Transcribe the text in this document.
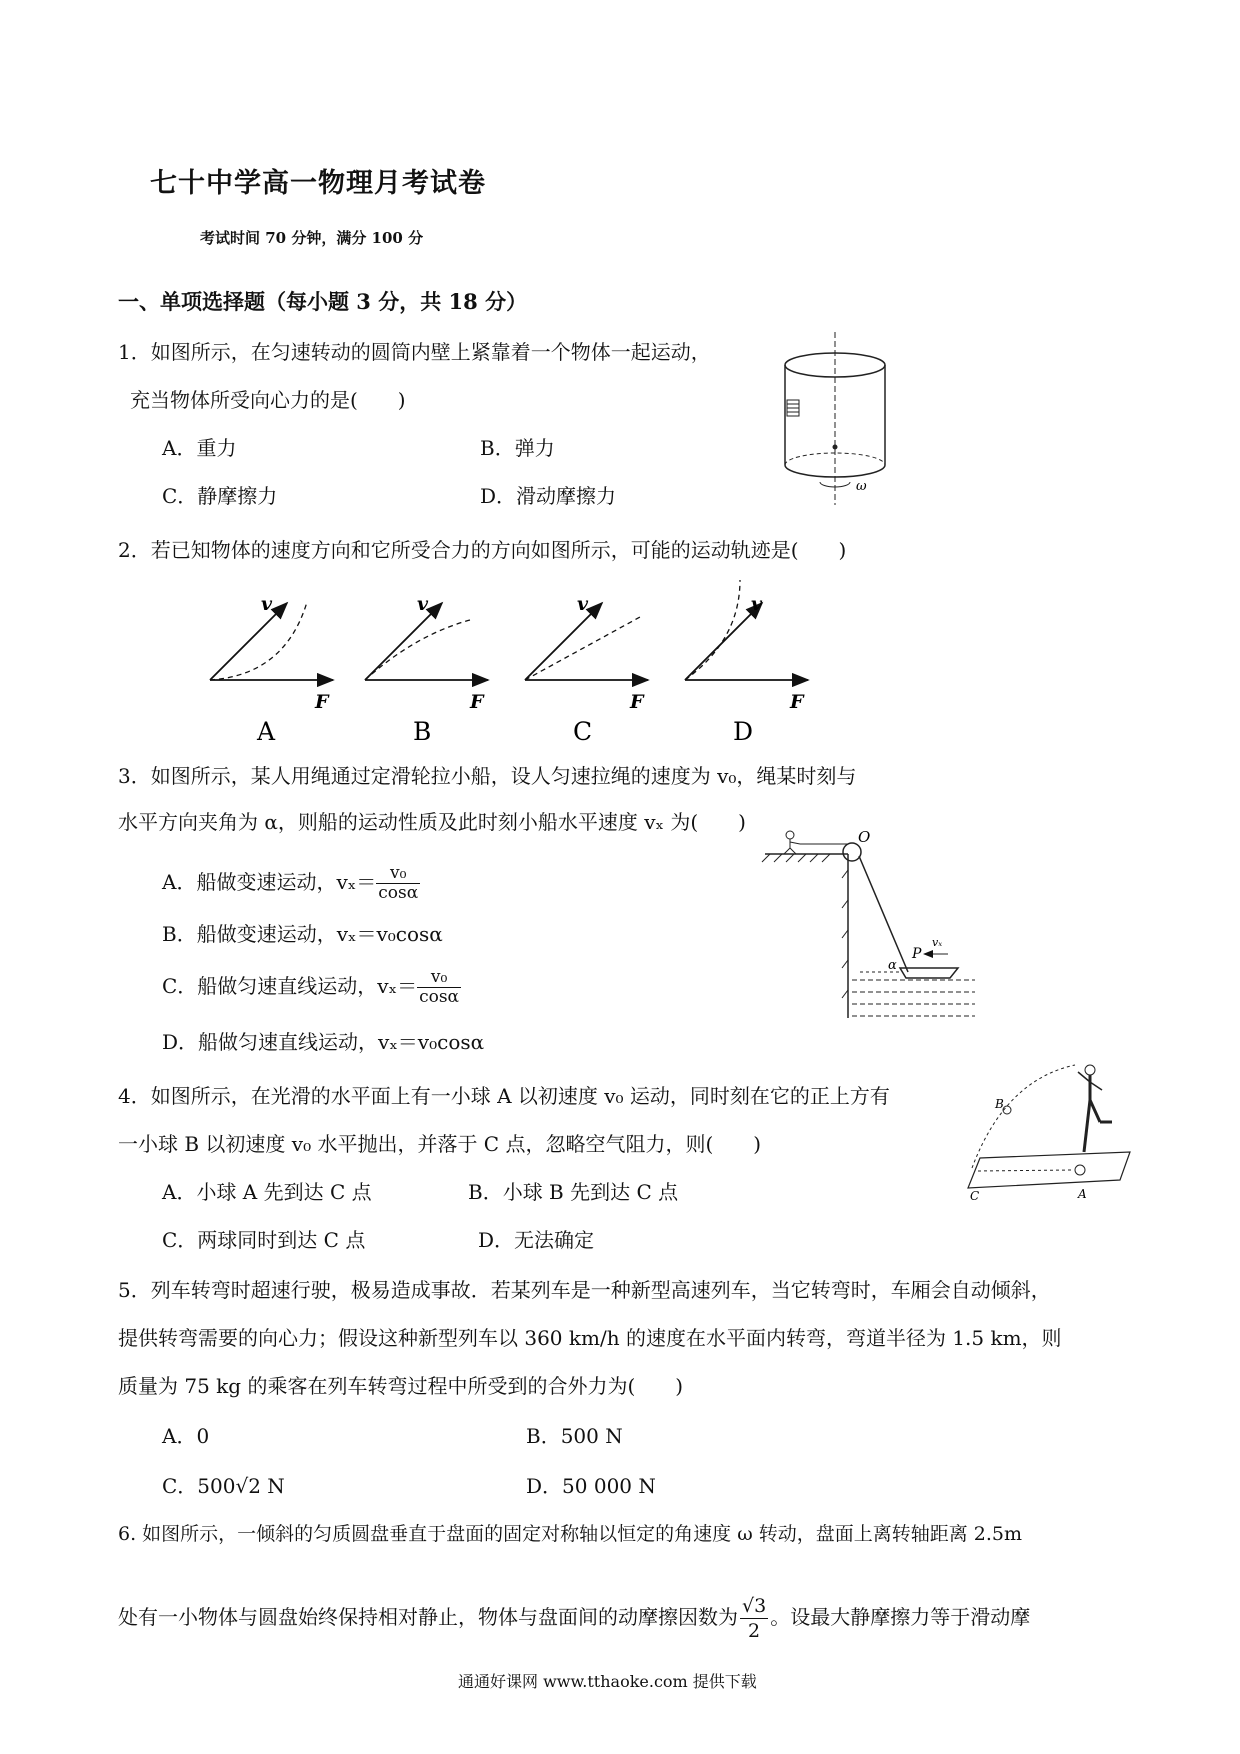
七十中学高一物理月考试卷
考试时间 70 分钟，满分 100 分
一、单项选择题（每小题 3 分，共 18 分）
1．如图所示，在匀速转动的圆筒内壁上紧靠着一个物体一起运动，
充当物体所受向心力的是(　　)
A．重力	B．弹力
C．静摩擦力	D．滑动摩擦力	ω
2．若已知物体的速度方向和它所受合力的方向如图所示，可能的运动轨迹是(　　)
v
F
A
v
F
B
v
F
C
v
F
D
3．如图所示，某人用绳通过定滑轮拉小船，设人匀速拉绳的速度为 v₀，绳某时刻与
水平方向夹角为 α，则船的运动性质及此时刻小船水平速度 vₓ 为(　　)
A．船做变速运动，$v_x= \frac{\text{v₀}}{\cos\alpha}$
B．船做变速运动，vₓ＝v₀cosα
C．船做匀速直线运动，$v_x= \frac{\text{v₀}}{\cos\alpha}$
D．船做匀速直线运动，vₓ＝v₀cosα
O
α
P
vₓ
4．如图所示，在光滑的水平面上有一小球 A 以初速度 v₀ 运动，同时刻在它的正上方有
一小球 B 以初速度 v₀ 水平抛出，并落于 C 点，忽略空气阻力，则(　　)
A．小球 A 先到达 C 点	B．小球 B 先到达 C 点
C．两球同时到达 C 点	D．无法确定
B
C	A
5．列车转弯时超速行驶，极易造成事故．若某列车是一种新型高速列车，当它转弯时，车厢会自动倾斜，
提供转弯需要的向心力；假设这种新型列车以 360 km/h 的速度在水平面内转弯，弯道半径为 1.5 km，则
质量为 75 kg 的乘客在列车转弯过程中所受到的合外力为(　　)
A．0	B．500 N
C．500√2 N	D．50 000 N
6. 如图所示，一倾斜的匀质圆盘垂直于盘面的固定对称轴以恒定的角速度 ω 转动，盘面上离转轴距离 2.5m
处有一小物体与圆盘始终保持相对静止，物体与盘面间的动摩擦因数为 $\frac{√3}{2}$ 。设最大静摩擦力等于滑动摩
通通好课网 www.tthaoke.com 提供下载
